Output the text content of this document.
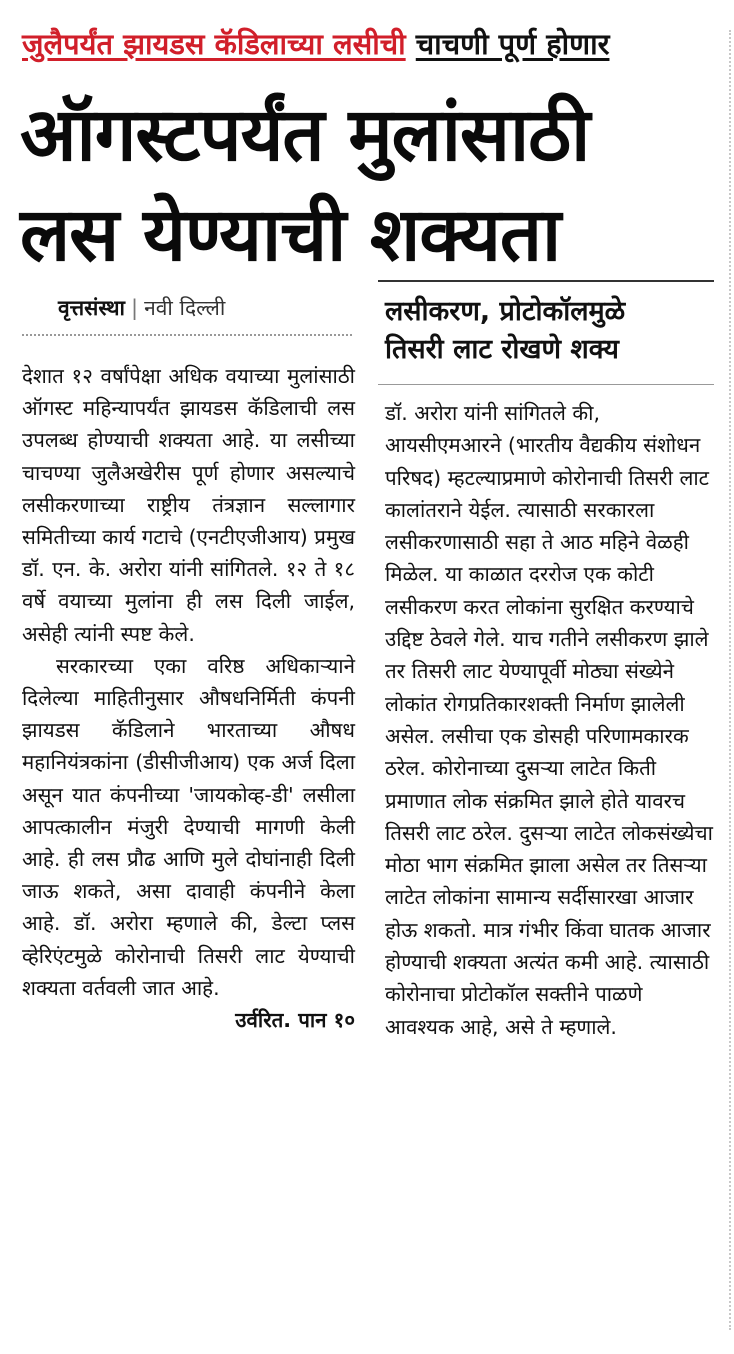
जुलैपर्यंत झायडस कॅडिलाच्या लसीची चाचणी पूर्ण होणार
ऑगस्टपर्यंत मुलांसाठी
लस येण्याची शक्यता
वृत्तसंस्था | नवी दिल्ली	लसीकरण, प्रोटोकॉलमुळे
तिसरी लाट रोखणे शक्य

देशात १२ वर्षांपेक्षा अधिक वयाच्या मुलांसाठी ऑगस्ट महिन्यापर्यंत झायडस कॅडिलाची लस उपलब्ध होण्याची शक्यता आहे. या लसीच्या चाचण्या जुलैअखेरीस पूर्ण होणार असल्याचे लसीकरणाच्या राष्ट्रीय तंत्रज्ञान सल्लागार समितीच्या कार्य गटाचे (एनटीएजीआय) प्रमुख डॉ. एन. के. अरोरा यांनी सांगितले. १२ ते १८ वर्षे वयाच्या मुलांना ही लस दिली जाईल, असेही त्यांनी स्पष्ट केले.

सरकारच्या एका वरिष्ठ अधिकाऱ्याने दिलेल्या माहितीनुसार औषधनिर्मिती कंपनी झायडस कॅडिलाने भारताच्या औषध महानियंत्रकांना (डीसीजीआय) एक अर्ज दिला असून यात कंपनीच्या 'जायकोव्ह-डी' लसीला आपत्कालीन मंजुरी देण्याची मागणी केली आहे. ही लस प्रौढ आणि मुले दोघांनाही दिली जाऊ शकते, असा दावाही कंपनीने केला आहे. डॉ. अरोरा म्हणाले की, डेल्टा प्लस व्हेरिएंटमुळे कोरोनाची तिसरी लाट येण्याची शक्यता वर्तवली जात आहे.

उर्वरित. पान १०

डॉ. अरोरा यांनी सांगितले की, आयसीएमआरने (भारतीय वैद्यकीय संशोधन परिषद) म्हटल्याप्रमाणे कोरोनाची तिसरी लाट कालांतराने येईल. त्यासाठी सरकारला लसीकरणासाठी सहा ते आठ महिने वेळही मिळेल. या काळात दररोज एक कोटी लसीकरण करत लोकांना सुरक्षित करण्याचे उद्दिष्ट ठेवले गेले. याच गतीने लसीकरण झाले तर तिसरी लाट येण्यापूर्वी मोठ्या संख्येने लोकांत रोगप्रतिकारशक्ती निर्माण झालेली असेल. लसीचा एक डोसही परिणामकारक ठरेल. कोरोनाच्या दुसऱ्या लाटेत किती प्रमाणात लोक संक्रमित झाले होते यावरच तिसरी लाट ठरेल. दुसऱ्या लाटेत लोकसंख्येचा मोठा भाग संक्रमित झाला असेल तर तिसऱ्या लाटेत लोकांना सामान्य सर्दीसारखा आजार होऊ शकतो. मात्र गंभीर किंवा घातक आजार होण्याची शक्यता अत्यंत कमी आहे. त्यासाठी कोरोनाचा प्रोटोकॉल सक्तीने पाळणे आवश्यक आहे, असे ते म्हणाले.
